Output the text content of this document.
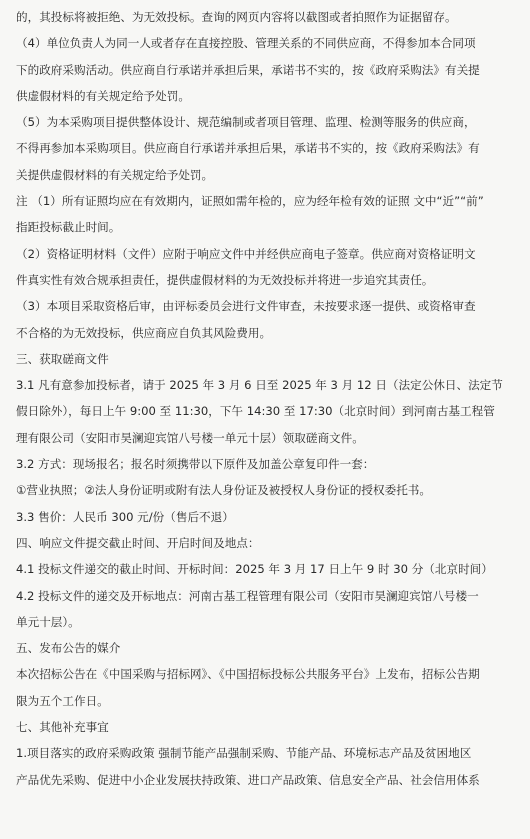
的，其投标将被拒绝、为无效投标。查询的网页内容将以截图或者拍照作为证据留存。

（4）单位负责人为同一人或者存在直接控股、管理关系的不同供应商，不得参加本合同项

下的政府采购活动。供应商自行承诺并承担后果，承诺书不实的，按《政府采购法》有关提

供虚假材料的有关规定给予处罚。

（5）为本采购项目提供整体设计、规范编制或者项目管理、监理、检测等服务的供应商，

不得再参加本采购项目。供应商自行承诺并承担后果，承诺书不实的，按《政府采购法》有

关提供虚假材料的有关规定给予处罚。

注 （1）所有证照均应在有效期内，证照如需年检的，应为经年检有效的证照 文中“近”“前”

指距投标截止时间。

（2）资格证明材料（文件）应附于响应文件中并经供应商电子签章。供应商对资格证明文

件真实性有效合规承担责任，提供虚假材料的为无效投标并将进一步追究其责任。

（3）本项目采取资格后审，由评标委员会进行文件审查，未按要求逐一提供、或资格审查

不合格的为无效投标，供应商应自负其风险费用。

三、获取磋商文件

3.1 凡有意参加投标者，请于 2025 年 3 月 6 日至 2025 年 3 月 12 日（法定公休日、法定节

假日除外），每日上午 9:00 至 11:30，下午 14:30 至 17:30（北京时间）到河南古基工程管

理有限公司（安阳市昊澜迎宾馆八号楼一单元十层）领取磋商文件。

3.2 方式：现场报名；报名时须携带以下原件及加盖公章复印件一套：

①营业执照；②法人身份证明或附有法人身份证及被授权人身份证的授权委托书。

3.3 售价：人民币 300 元/份（售后不退）

四、响应文件提交截止时间、开启时间及地点：

4.1 投标文件递交的截止时间、开标时间：2025 年 3 月 17 日上午 9 时 30 分（北京时间）

4.2 投标文件的递交及开标地点：河南古基工程管理有限公司（安阳市昊澜迎宾馆八号楼一

单元十层）。

五、发布公告的媒介

本次招标公告在《中国采购与招标网》、《中国招标投标公共服务平台》上发布，招标公告期

限为五个工作日。

七、其他补充事宜

1.项目落实的政府采购政策 强制节能产品强制采购、节能产品、环境标志产品及贫困地区

产品优先采购、促进中小企业发展扶持政策、进口产品政策、信息安全产品、社会信用体系
